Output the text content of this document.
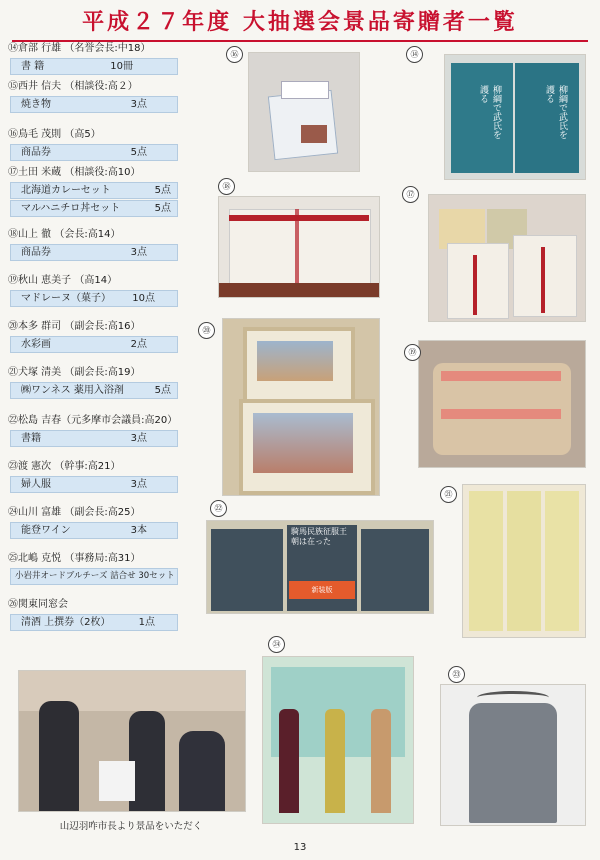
平成２７年度 大抽選会景品寄贈者一覧
⑭倉部 行雄 （名誉会長:中18）
書 籍	10冊
⑮西井 信夫 （相談役:高２）
焼き物	3点
⑯鳥毛 茂則 （高5）
商品券	5点
⑰土田 米蔵 （相談役:高10）
北海道カレーセット	5点
マルハニチロ丼セット	5点
⑱山上 徹 （会長:高14）
商品券	3点
⑲秋山 恵美子 （高14）
マドレーヌ（菓子） 10点
⑳本多 群司 （副会長:高16）
水彩画	2点
㉑犬塚 清美 （副会長:高19）
㈱ワンネス 薬用入浴剤	5点
㉒松島 吉春（元多摩市会議員:高20）
書籍	3点
㉓渡 憲次 （幹事:高21）
婦人服	3点
㉔山川 富雄 （副会長:高25）
能登ワイン	3本
㉕北嶋 克悦 （事務局:高31）
小岩井オードブルチーズ 詰合せ 30セット
㉖関東同窓会
清酒 上撰券（2枚）	1点
⑯
柳綱で武氏を護る	柳綱で武氏を護る
⑭
⑱
⑰
⑳
⑲
騎馬民族征服王朝は在った
新装版
㉒
㉑
山辺羽咋市長より景品をいただく
㉔
㉓
13
